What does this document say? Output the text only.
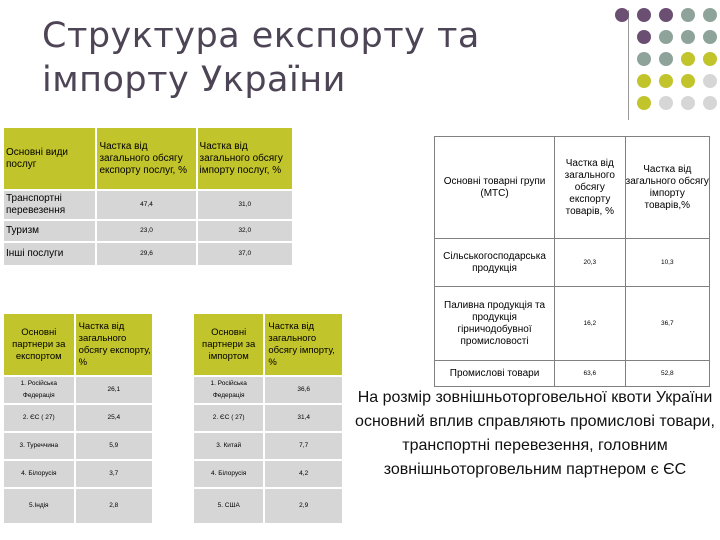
Структура експорту та
імпорту України
Основні види послуг	Частка від загального обсягу експорту послуг, %	Частка від загального обсягу імпорту послуг, %
Транспортні перевезення	47,4	31,0
Туризм	23,0	32,0
Інші послуги	29,6	37,0
Основні партнери за експортом	Частка від загального обсягу експорту, %
1. Російська Федерація	26,1
2. ЄС ( 27)	25,4
3. Туреччина	5,9
4. Білорусія	3,7
5.Індія	2,8
Основні партнери за імпортом	Частка від загального обсягу імпорту, %
1. Російська Федерація	36,6
2. ЄС ( 27)	31,4
3. Китай	7,7
4. Білорусія	4,2
5. США	2,9
Основні товарні групи (МТС)	Частка від загального обсягу експорту товарів, %	Частка від загального обсягу імпорту товарів,%
Сільськогосподарська продукція	20,3	10,3
Паливна продукція та продукція гірничодобувної промисловості	16,2	36,7
Промислові товари	63,6	52,8
На розмір зовнішньоторговельної квоти України основний вплив справляють промислові товари, транспортні перевезення, головним зовнішньоторговельним партнером є ЄС
